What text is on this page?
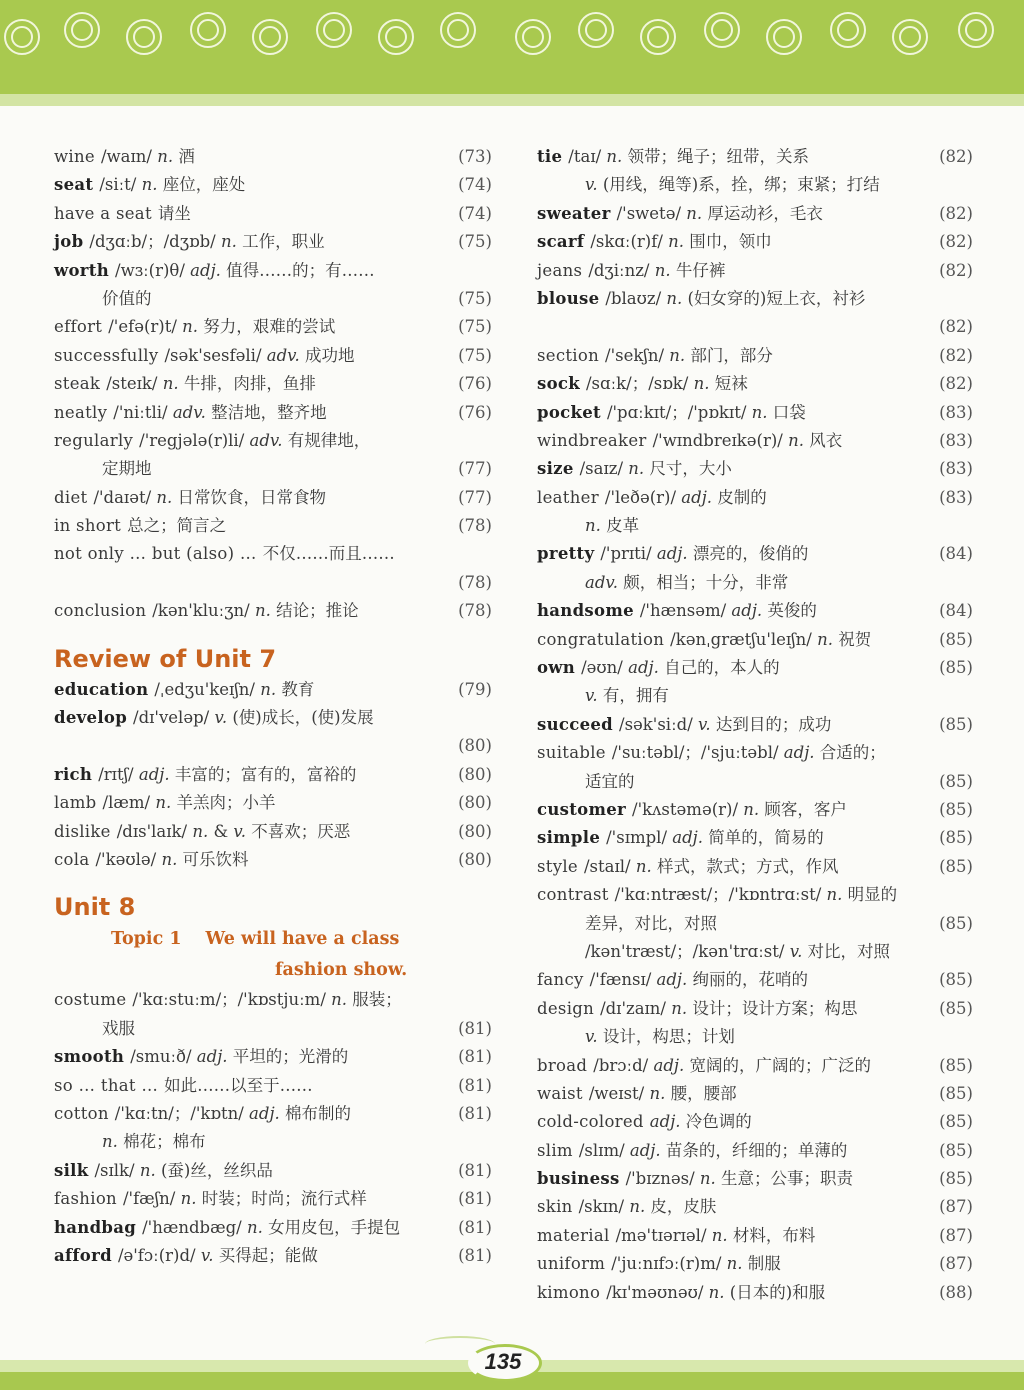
wine /waɪn/ n. 酒	(73)
seat /siːt/ n. 座位，座处	(74)
have a seat 请坐	(74)
job /dʒɑːb/；/dʒɒb/ n. 工作，职业	(75)
worth /wɜː(r)θ/ adj. 值得……的；有……
价值的	(75)
effort /'efə(r)t/ n. 努力，艰难的尝试	(75)
successfully /sək'sesfəli/ adv. 成功地	(75)
steak /steɪk/ n. 牛排，肉排，鱼排	(76)
neatly /'niːtli/ adv. 整洁地，整齐地	(76)
regularly /'regjələ(r)li/ adv. 有规律地，
定期地	(77)
diet /'daɪət/ n. 日常饮食，日常食物	(77)
in short 总之；简言之	(78)
not only … but (also) … 不仅……而且……
(78)
conclusion /kən'kluːʒn/ n. 结论；推论	(78)
Review of Unit 7
education /ˌedʒu'keɪʃn/ n. 教育	(79)
develop /dɪ'veləp/ v. (使)成长，(使)发展
(80)
rich /rɪtʃ/ adj. 丰富的；富有的，富裕的	(80)
lamb /læm/ n. 羊羔肉；小羊	(80)
dislike /dɪs'laɪk/ n. & v. 不喜欢；厌恶	(80)
cola /'kəʊlə/ n. 可乐饮料	(80)
Unit 8
Topic 1 We will have a class
fashion show.
costume /'kɑːstuːm/；/'kɒstjuːm/ n. 服装；
戏服	(81)
smooth /smuːð/ adj. 平坦的；光滑的	(81)
so … that … 如此……以至于……	(81)
cotton /'kɑːtn/；/'kɒtn/ adj. 棉布制的	(81)
n. 棉花；棉布
silk /sɪlk/ n. (蚕)丝，丝织品	(81)
fashion /'fæʃn/ n. 时装；时尚；流行式样	(81)
handbag /'hændbæg/ n. 女用皮包，手提包	(81)
afford /ə'fɔː(r)d/ v. 买得起；能做	(81)
tie /taɪ/ n. 领带；绳子；纽带，关系	(82)
v. (用线，绳等)系，拴，绑；束紧；打结
sweater /'swetə/ n. 厚运动衫，毛衣	(82)
scarf /skɑː(r)f/ n. 围巾，领巾	(82)
jeans /dʒiːnz/ n. 牛仔裤	(82)
blouse /blaʊz/ n. (妇女穿的)短上衣，衬衫
(82)
section /'sekʃn/ n. 部门，部分	(82)
sock /sɑːk/；/sɒk/ n. 短袜	(82)
pocket /'pɑːkɪt/；/'pɒkɪt/ n. 口袋	(83)
windbreaker /'wɪndbreɪkə(r)/ n. 风衣	(83)
size /saɪz/ n. 尺寸，大小	(83)
leather /'leðə(r)/ adj. 皮制的	(83)
n. 皮革
pretty /'prɪti/ adj. 漂亮的，俊俏的	(84)
adv. 颇，相当；十分，非常
handsome /'hænsəm/ adj. 英俊的	(84)
congratulation /kənˌgrætʃu'leɪʃn/ n. 祝贺	(85)
own /əʊn/ adj. 自己的，本人的	(85)
v. 有，拥有
succeed /sək'siːd/ v. 达到目的；成功	(85)
suitable /'suːtəbl/；/'sjuːtəbl/ adj. 合适的；
适宜的	(85)
customer /'kʌstəmə(r)/ n. 顾客，客户	(85)
simple /'sɪmpl/ adj. 简单的，简易的	(85)
style /staɪl/ n. 样式，款式；方式，作风	(85)
contrast /'kɑːntræst/；/'kɒntrɑːst/ n. 明显的
差异，对比，对照	(85)
/kən'træst/；/kən'trɑːst/ v. 对比，对照
fancy /'fænsɪ/ adj. 绚丽的，花哨的	(85)
design /dɪ'zaɪn/ n. 设计；设计方案；构思	(85)
v. 设计，构思；计划
broad /brɔːd/ adj. 宽阔的，广阔的；广泛的	(85)
waist /weɪst/ n. 腰，腰部	(85)
cold-colored adj. 冷色调的	(85)
slim /slɪm/ adj. 苗条的，纤细的；单薄的	(85)
business /'bɪznəs/ n. 生意；公事；职责	(85)
skin /skɪn/ n. 皮，皮肤	(87)
material /mə'tɪərɪəl/ n. 材料，布料	(87)
uniform /'juːnɪfɔː(r)m/ n. 制服	(87)
kimono /kɪ'məʊnəʊ/ n. (日本的)和服	(88)
135
